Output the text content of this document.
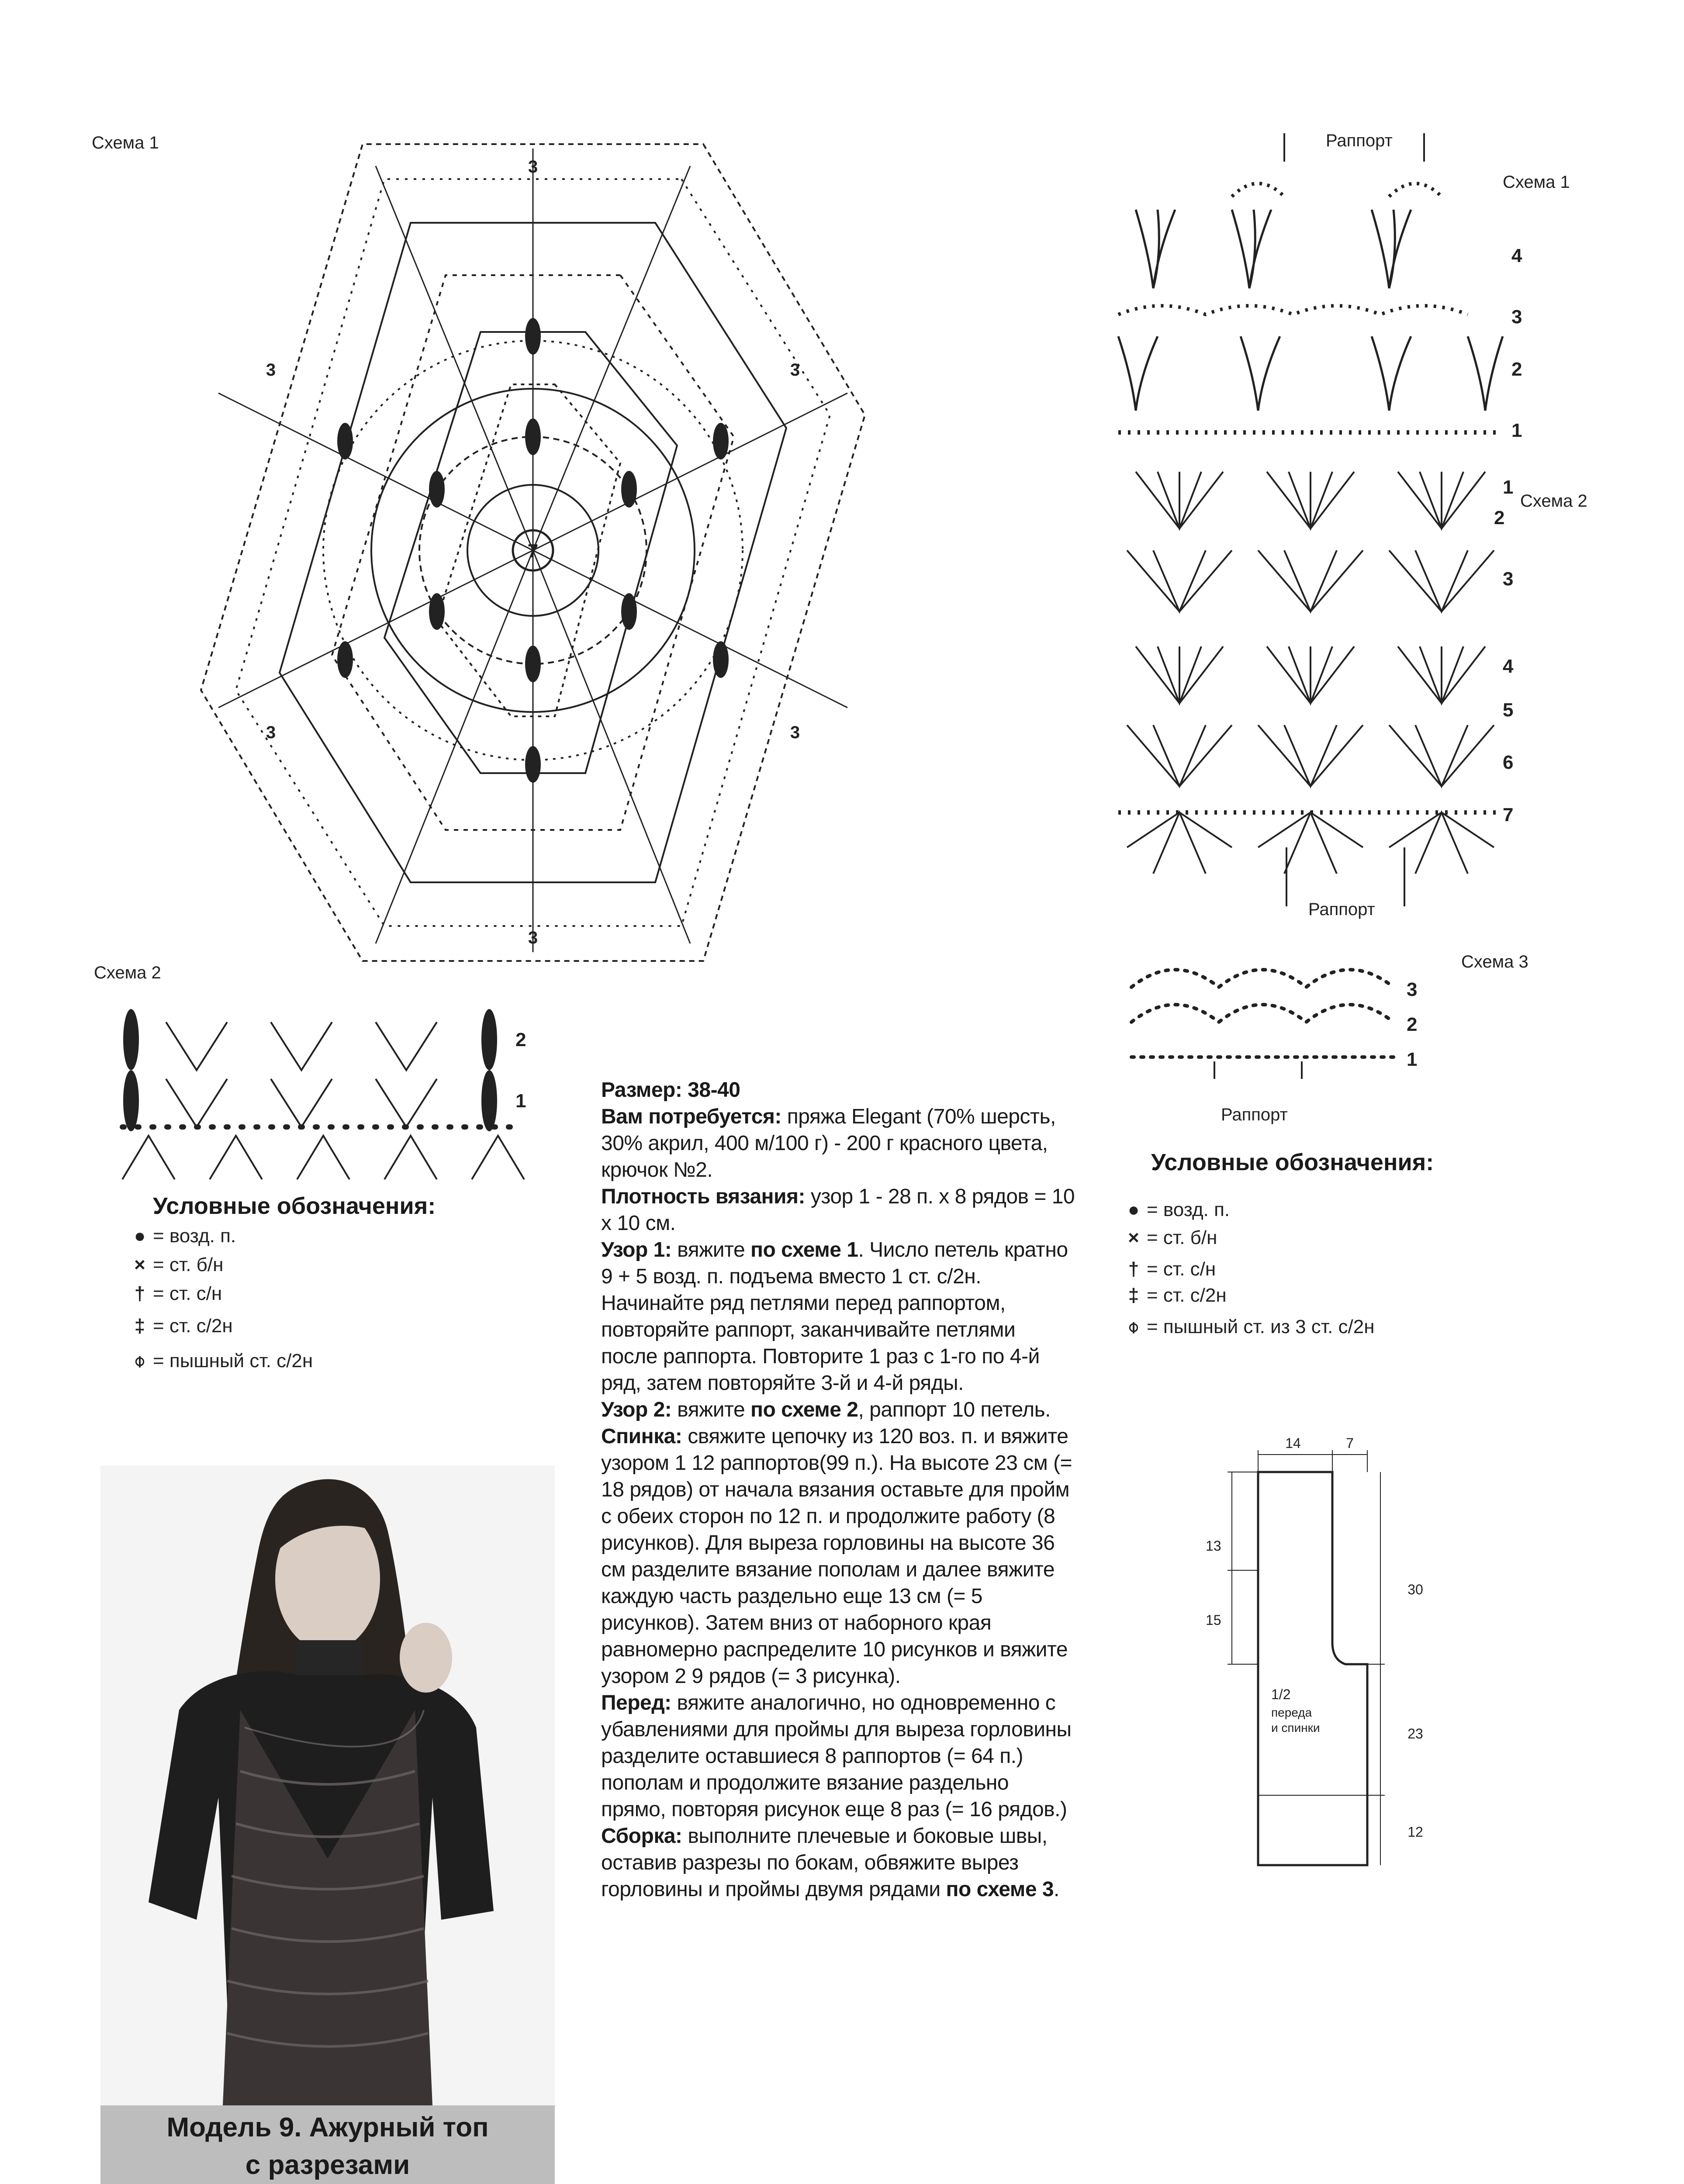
Схема 1
7
3
3
3
3
3
3
Схема 2
2
1
Условные обозначения:
● = возд. п.
× = ст. б/н
† = ст. с/н
‡ = ст. с/2н
⌽ = пышный ст. с/2н
Модель 9. Ажурный топ
с разрезами

Размер: 38-40

Вам потребуется: пряжа Elegant (70% шерсть, 30% акрил, 400 м/100 г) - 200 г красного цвета, крючок №2.

Плотность вязания: узор 1 - 28 п. х 8 рядов = 10 х 10 см.

Узор 1: вяжите по схеме 1. Число петель кратно 9 + 5 возд. п. подъема вместо 1 ст. с/2н. Начинайте ряд петлями перед раппортом, повторяйте раппорт, заканчивайте петлями после раппорта. Повторите 1 раз с 1-го по 4-й ряд, затем повторяйте 3-й и 4-й ряды.

Узор 2: вяжите по схеме 2, раппорт 10 петель.

Спинка: свяжите цепочку из 120 воз. п. и вяжите узором 1 12 раппортов(99 п.). На высоте 23 см (= 18 рядов) от начала вязания оставьте для пройм с обеих сторон по 12 п. и продолжите работу (8 рисунков). Для выреза горловины на высоте 36 см разделите вязание пополам и далее вяжите каждую часть раздельно еще 13 см (= 5 рисунков). Затем вниз от наборного края равномерно распределите 10 рисунков и вяжите узором 2 9 рядов (= 3 рисунка).

Перед: вяжите аналогично, но одновременно с убавлениями для проймы для выреза горловины разделите оставшиеся 8 раппортов (= 64 п.) пополам и продолжите вязание раздельно прямо, повторяя рисунок еще 8 раз (= 16 рядов.)

Сборка: выполните плечевые и боковые швы, оставив разрезы по бокам, обвяжите вырез горловины и проймы двумя рядами по схеме 3.

Раппорт
Схема 1
4
3
2
1
Схема 2
1
2
3
4
5
6
7
Раппорт
Схема 3
3
2
1
Раппорт
Условные обозначения:
● = возд. п.
× = ст. б/н
† = ст. с/н
‡ = ст. с/2н
⌽ = пышный ст. из 3 ст. с/2н
14	7
13
15
30
23
12
1/2
переда
и спинки
